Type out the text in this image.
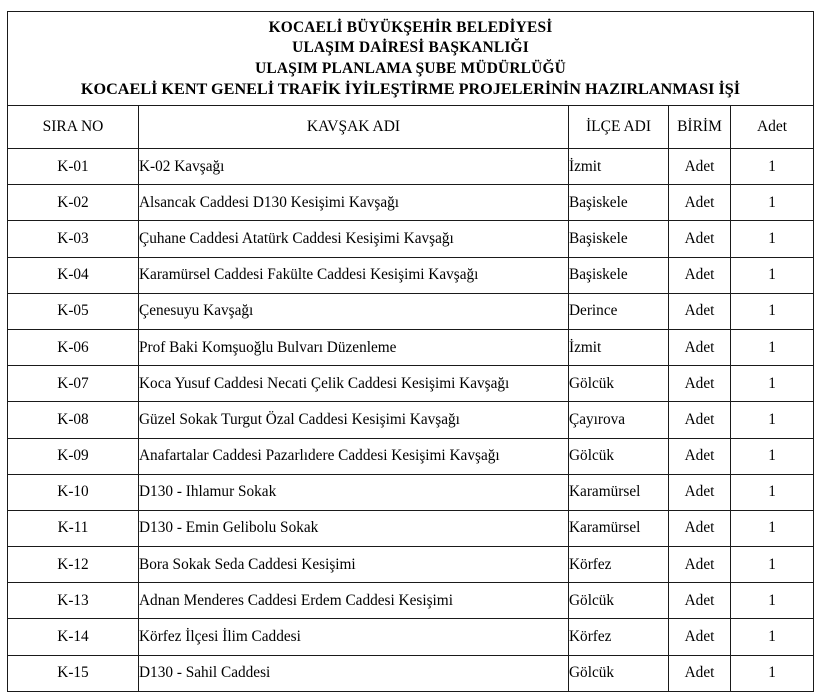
KOCAELİ BÜYÜKŞEHİR BELEDİYESİ
ULAŞIM DAİRESİ BAŞKANLIĞI
ULAŞIM PLANLAMA ŞUBE MÜDÜRLÜĞÜ
KOCAELİ KENT GENELİ TRAFİK İYİLEŞTİRME PROJELERİNİN HAZIRLANMASI İŞİ				

SIRA NO	KAVŞAK ADI	İLÇE ADI	BİRİM	Adet
K-01	K-02 Kavşağı	İzmit	Adet	1
K-02	Alsancak Caddesi D130 Kesişimi Kavşağı	Başiskele	Adet	1
K-03	Çuhane Caddesi Atatürk Caddesi Kesişimi Kavşağı	Başiskele	Adet	1
K-04	Karamürsel Caddesi Fakülte Caddesi Kesişimi Kavşağı	Başiskele	Adet	1
K-05	Çenesuyu Kavşağı	Derince	Adet	1
K-06	Prof Baki Komşuoğlu Bulvarı Düzenleme	İzmit	Adet	1
K-07	Koca Yusuf Caddesi Necati Çelik Caddesi Kesişimi Kavşağı	Gölcük	Adet	1
K-08	Güzel Sokak Turgut Özal Caddesi Kesişimi Kavşağı	Çayırova	Adet	1
K-09	Anafartalar Caddesi Pazarlıdere Caddesi Kesişimi Kavşağı	Gölcük	Adet	1
K-10	D130 - Ihlamur Sokak	Karamürsel	Adet	1
K-11	D130 - Emin Gelibolu Sokak	Karamürsel	Adet	1
K-12	Bora Sokak Seda Caddesi Kesişimi	Körfez	Adet	1
K-13	Adnan Menderes Caddesi Erdem Caddesi Kesişimi	Gölcük	Adet	1
K-14	Körfez İlçesi İlim Caddesi	Körfez	Adet	1
K-15	D130 - Sahil Caddesi	Gölcük	Adet	1
